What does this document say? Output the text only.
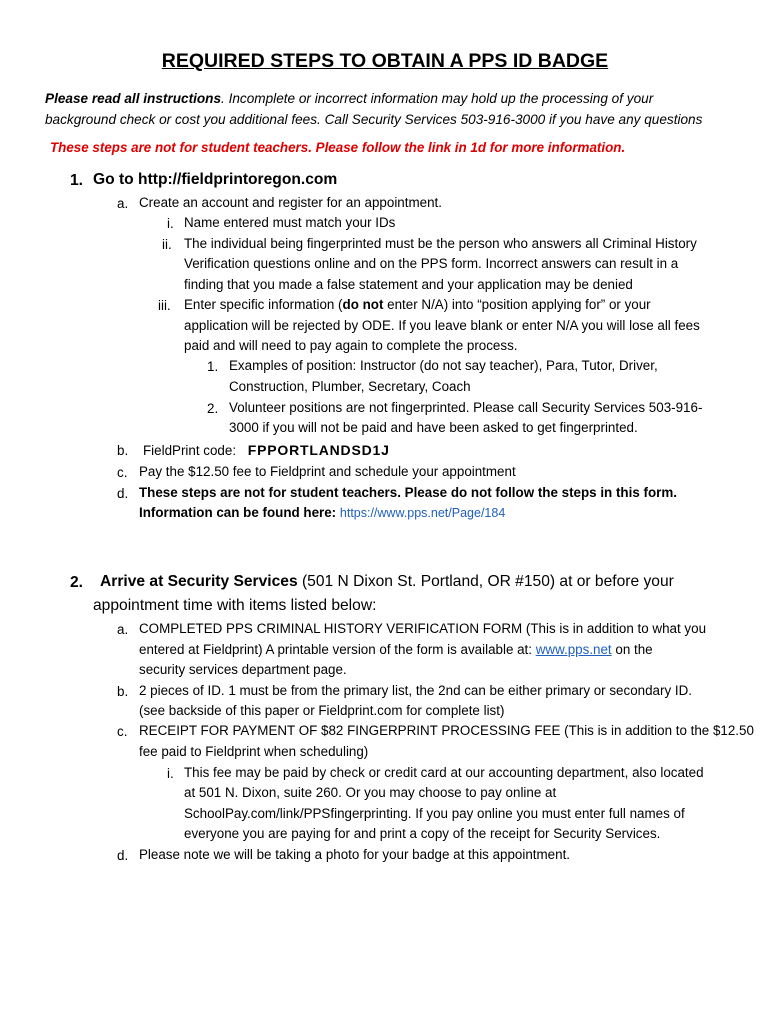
REQUIRED STEPS TO OBTAIN A PPS ID BADGE
Please read all instructions. Incomplete or incorrect information may hold up the processing of your
background check or cost you additional fees. Call Security Services 503-916-3000 if you have any questions
These steps are not for student teachers. Please follow the link in 1d for more information.
1. Go to http://fieldprintoregon.com
a. Create an account and register for an appointment.
i. Name entered must match your IDs
ii. The individual being fingerprinted must be the person who answers all Criminal History
Verification questions online and on the PPS form. Incorrect answers can result in a
finding that you made a false statement and your application may be denied
iii. Enter specific information (do not enter N/A) into “position applying for” or your
application will be rejected by ODE. If you leave blank or enter N/A you will lose all fees
paid and will need to pay again to complete the process.
1. Examples of position: Instructor (do not say teacher), Para, Tutor, Driver,
Construction, Plumber, Secretary, Coach
2. Volunteer positions are not fingerprinted. Please call Security Services 503-916-
3000 if you will not be paid and have been asked to get fingerprinted.
b. FieldPrint code: FPPORTLANDSD1J
c. Pay the $12.50 fee to Fieldprint and schedule your appointment
d. These steps are not for student teachers. Please do not follow the steps in this form.
Information can be found here: https://www.pps.net/Page/184
2. Arrive at Security Services (501 N Dixon St. Portland, OR #150) at or before your
appointment time with items listed below:
a. COMPLETED PPS CRIMINAL HISTORY VERIFICATION FORM (This is in addition to what you
entered at Fieldprint) A printable version of the form is available at: www.pps.net on the
security services department page.
b. 2 pieces of ID. 1 must be from the primary list, the 2nd can be either primary or secondary ID.
(see backside of this paper or Fieldprint.com for complete list)
c. RECEIPT FOR PAYMENT OF $82 FINGERPRINT PROCESSING FEE (This is in addition to the $12.50
fee paid to Fieldprint when scheduling)
i. This fee may be paid by check or credit card at our accounting department, also located
at 501 N. Dixon, suite 260. Or you may choose to pay online at
SchoolPay.com/link/PPSfingerprinting. If you pay online you must enter full names of
everyone you are paying for and print a copy of the receipt for Security Services.
d. Please note we will be taking a photo for your badge at this appointment.
